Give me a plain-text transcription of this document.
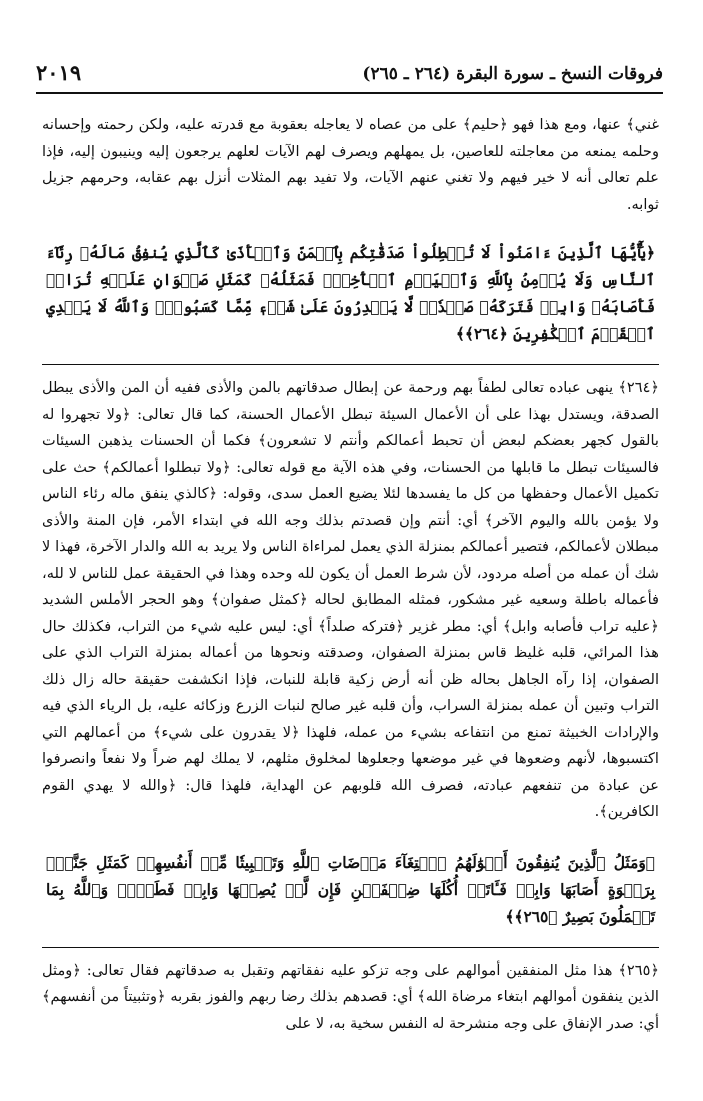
فروقات النسخ ـ سورة البقرة (٢٦٤ ـ ٢٦٥)
٢٠١٩

غني﴾ عنها، ومع هذا فهو ﴿حليم﴾ على من عصاه لا يعاجله بعقوبة مع قدرته عليه، ولكن رحمته وإحسانه وحلمه يمنعه من معاجلته للعاصين، بل يمهلهم ويصرف لهم الآيات لعلهم يرجعون إليه وينيبون إليه، فإذا علم تعالى أنه لا خير فيهم ولا تغني عنهم الآيات، ولا تفيد بهم المثلات أنزل بهم عقابه، وحرمهم جزيل ثوابه.

﴿يَٰٓأَيُّهَا ٱلَّذِينَ ءَامَنُواْ لَا تُبۡطِلُواْ صَدَقَٰتِكُم بِٱلۡمَنِّ وَٱلۡأَذَىٰ كَٱلَّذِي يُنفِقُ مَالَهُۥ رِئَآءَ ٱلنَّاسِ وَلَا يُؤۡمِنُ بِٱللَّهِ وَٱلۡيَوۡمِ ٱلۡأٓخِرِۖ فَمَثَلُهُۥ كَمَثَلِ صَفۡوَانٍ عَلَيۡهِ تُرَابٞ فَأَصَابَهُۥ وَابِلٞ فَتَرَكَهُۥ صَلۡدٗاۖ لَّا يَقۡدِرُونَ عَلَىٰ شَيۡءٖ مِّمَّا كَسَبُواْۗ وَٱللَّهُ لَا يَهۡدِي ٱلۡقَوۡمَ ٱلۡكَٰفِرِينَ ﴿٢٦٤﴾﴾

﴿٢٦٤﴾ ينهى عباده تعالى لطفاً بهم ورحمة عن إبطال صدقاتهم بالمن والأذى ففيه أن المن والأذى يبطل الصدقة، ويستدل بهذا على أن الأعمال السيئة تبطل الأعمال الحسنة، كما قال تعالى: ﴿ولا تجهروا له بالقول كجهر بعضكم لبعض أن تحبط أعمالكم وأنتم لا تشعرون﴾ فكما أن الحسنات يذهبن السيئات فالسيئات تبطل ما قابلها من الحسنات، وفي هذه الآية مع قوله تعالى: ﴿ولا تبطلوا أعمالكم﴾ حث على تكميل الأعمال وحفظها من كل ما يفسدها لئلا يضيع العمل سدى، وقوله: ﴿كالذي ينفق ماله رئاء الناس ولا يؤمن بالله واليوم الآخر﴾ أي: أنتم وإن قصدتم بذلك وجه الله في ابتداء الأمر، فإن المنة والأذى مبطلان لأعمالكم، فتصير أعمالكم بمنزلة الذي يعمل لمراءاة الناس ولا يريد به الله والدار الآخرة، فهذا لا شك أن عمله من أصله مردود، لأن شرط العمل أن يكون لله وحده وهذا في الحقيقة عمل للناس لا لله، فأعماله باطلة وسعيه غير مشكور، فمثله المطابق لحاله ﴿كمثل صفوان﴾ وهو الحجر الأملس الشديد ﴿عليه تراب فأصابه وابل﴾ أي: مطر غزير ﴿فتركه صلداً﴾ أي: ليس عليه شيء من التراب، فكذلك حال هذا المرائي، قلبه غليظ قاس بمنزلة الصفوان، وصدقته ونحوها من أعماله بمنزلة التراب الذي على الصفوان، إذا رآه الجاهل بحاله ظن أنه أرض زكية قابلة للنبات، فإذا انكشفت حقيقة حاله زال ذلك التراب وتبين أن عمله بمنزلة السراب، وأن قلبه غير صالح لنبات الزرع وزكائه عليه، بل الرياء الذي فيه والإرادات الخبيثة تمنع من انتفاعه بشيء من عمله، فلهذا ﴿لا يقدرون على شيء﴾ من أعمالهم التي اكتسبوها، لأنهم وضعوها في غير موضعها وجعلوها لمخلوق مثلهم، لا يملك لهم ضراً ولا نفعاً وانصرفوا عن عبادة من تنفعهم عبادته، فصرف الله قلوبهم عن الهداية، فلهذا قال: ﴿والله لا يهدي القوم الكافرين﴾.

﴿وَمَثَلُ ٱلَّذِينَ يُنفِقُونَ أَمۡوَٰلَهُمُ ٱبۡتِغَآءَ مَرۡضَاتِ ٱللَّهِ وَتَثۡبِيتٗا مِّنۡ أَنفُسِهِمۡ كَمَثَلِ جَنَّةِۭ بِرَبۡوَةٍ أَصَابَهَا وَابِلٞ فَـَٔاتَتۡ أُكُلَهَا ضِعۡفَيۡنِ فَإِن لَّمۡ يُصِبۡهَا وَابِلٞ فَطَلّٞۗ وَٱللَّهُ بِمَا تَعۡمَلُونَ بَصِيرٌ ﴿٢٦٥﴾﴾

﴿٢٦٥﴾ هذا مثل المنفقين أموالهم على وجه تزكو عليه نفقاتهم وتقبل به صدقاتهم فقال تعالى: ﴿ومثل الذين ينفقون أموالهم ابتغاء مرضاة الله﴾ أي: قصدهم بذلك رضا ربهم والفوز بقربه ﴿وتثبيتاً من أنفسهم﴾ أي: صدر الإنفاق على وجه منشرحة له النفس سخية به، لا على
